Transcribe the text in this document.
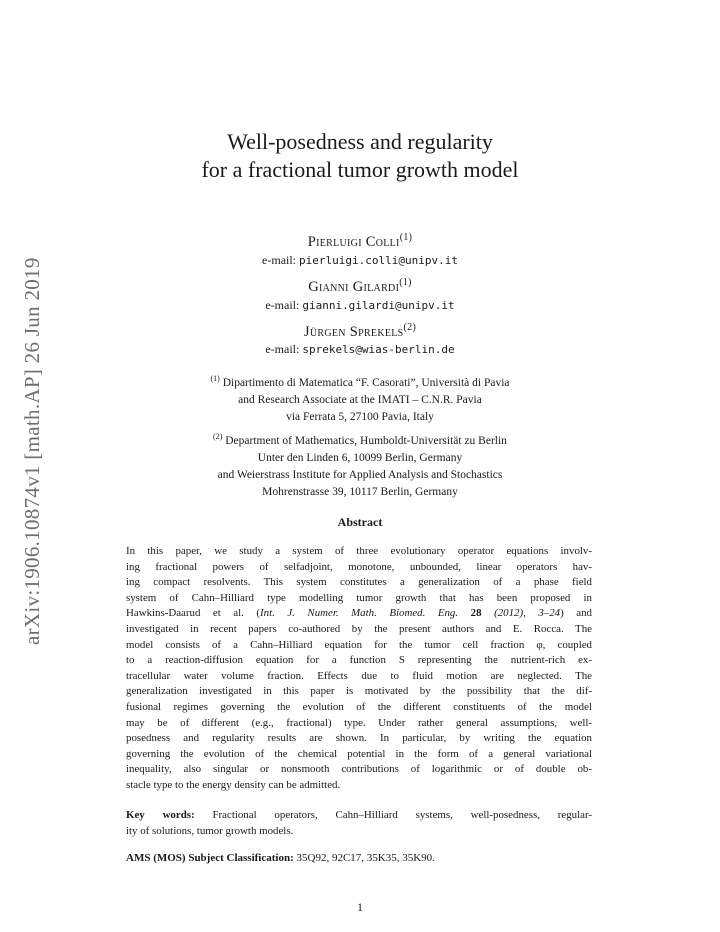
arXiv:1906.10874v1 [math.AP] 26 Jun 2019
Well-posedness and regularity
for a fractional tumor growth model
Pierluigi Colli$^{(1)}$
e-mail: pierluigi.colli@unipv.it
Gianni Gilardi$^{(1)}$
e-mail: gianni.gilardi@unipv.it
Jürgen Sprekels$^{(2)}$
e-mail: sprekels@wias-berlin.de
$^{(1)}$ Dipartimento di Matematica “F. Casorati”, Università di Pavia
and Research Associate at the IMATI – C.N.R. Pavia
via Ferrata 5, 27100 Pavia, Italy
$^{(2)}$ Department of Mathematics, Humboldt-Universität zu Berlin
Unter den Linden 6, 10099 Berlin, Germany
and Weierstrass Institute for Applied Analysis and Stochastics
Mohrenstrasse 39, 10117 Berlin, Germany
Abstract
In this paper, we study a system of three evolutionary operator equations involv-
ing fractional powers of selfadjoint, monotone, unbounded, linear operators hav-
ing compact resolvents. This system constitutes a generalization of a phase field
system of Cahn–Hilliard type modelling tumor growth that has been proposed in
Hawkins-Daarud et al. (Int. J. Numer. Math. Biomed. Eng. 28 (2012), 3–24) and
investigated in recent papers co-authored by the present authors and E. Rocca. The
model consists of a Cahn–Hilliard equation for the tumor cell fraction φ, coupled
to a reaction-diffusion equation for a function S representing the nutrient-rich ex-
tracellular water volume fraction. Effects due to fluid motion are neglected. The
generalization investigated in this paper is motivated by the possibility that the dif-
fusional regimes governing the evolution of the different constituents of the model
may be of different (e.g., fractional) type. Under rather general assumptions, well-
posedness and regularity results are shown. In particular, by writing the equation
governing the evolution of the chemical potential in the form of a general variational
inequality, also singular or nonsmooth contributions of logarithmic or of double ob-
stacle type to the energy density can be admitted.
Key words: Fractional operators, Cahn–Hilliard systems, well-posedness, regular-
ity of solutions, tumor growth models.
AMS (MOS) Subject Classification: 35Q92, 92C17, 35K35, 35K90.
1
